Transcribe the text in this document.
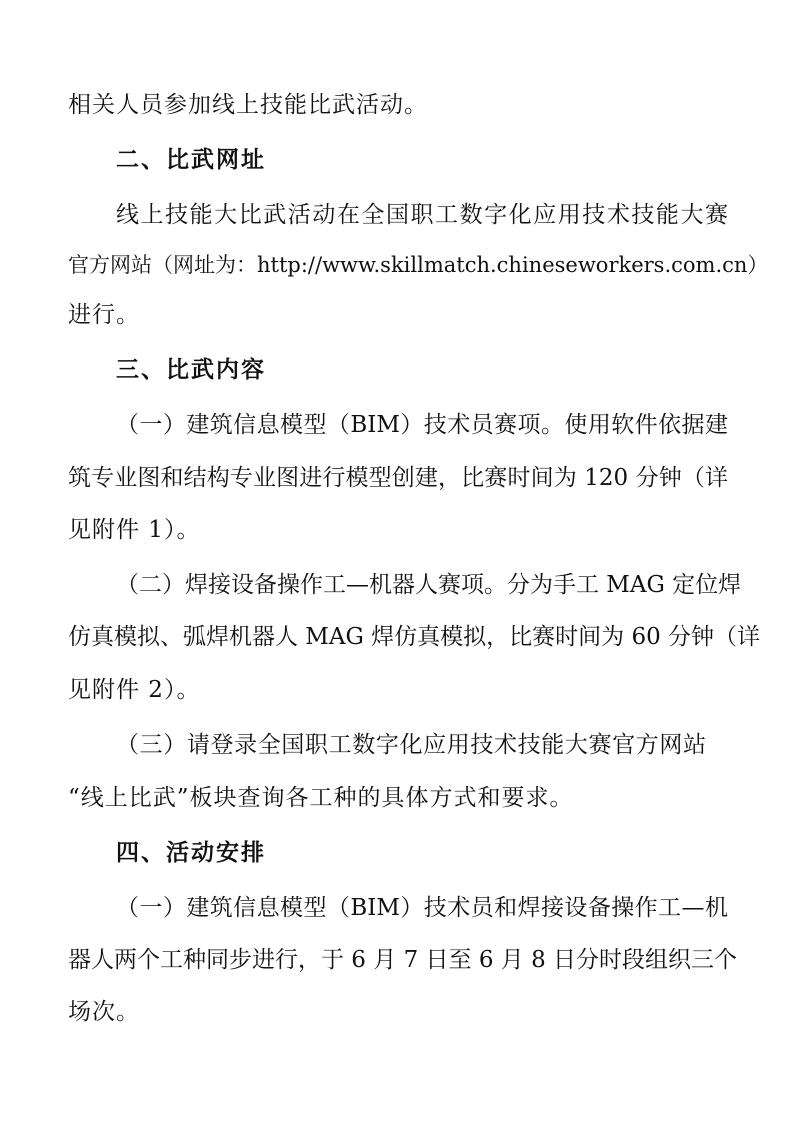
相关人员参加线上技能比武活动。
二、比武网址
线上技能大比武活动在全国职工数字化应用技术技能大赛
官方网站（网址为：http://www.skillmatch.chineseworkers.com.cn）
进行。
三、比武内容
（一）建筑信息模型（BIM）技术员赛项。使用软件依据建
筑专业图和结构专业图进行模型创建，比赛时间为 120 分钟（详
见附件 1）。
（二）焊接设备操作工—机器人赛项。分为手工 MAG 定位焊
仿真模拟、弧焊机器人 MAG 焊仿真模拟，比赛时间为 60 分钟（详
见附件 2）。
（三）请登录全国职工数字化应用技术技能大赛官方网站
“线上比武”板块查询各工种的具体方式和要求。
四、活动安排
（一）建筑信息模型（BIM）技术员和焊接设备操作工—机
器人两个工种同步进行，于 6 月 7 日至 6 月 8 日分时段组织三个
场次。
